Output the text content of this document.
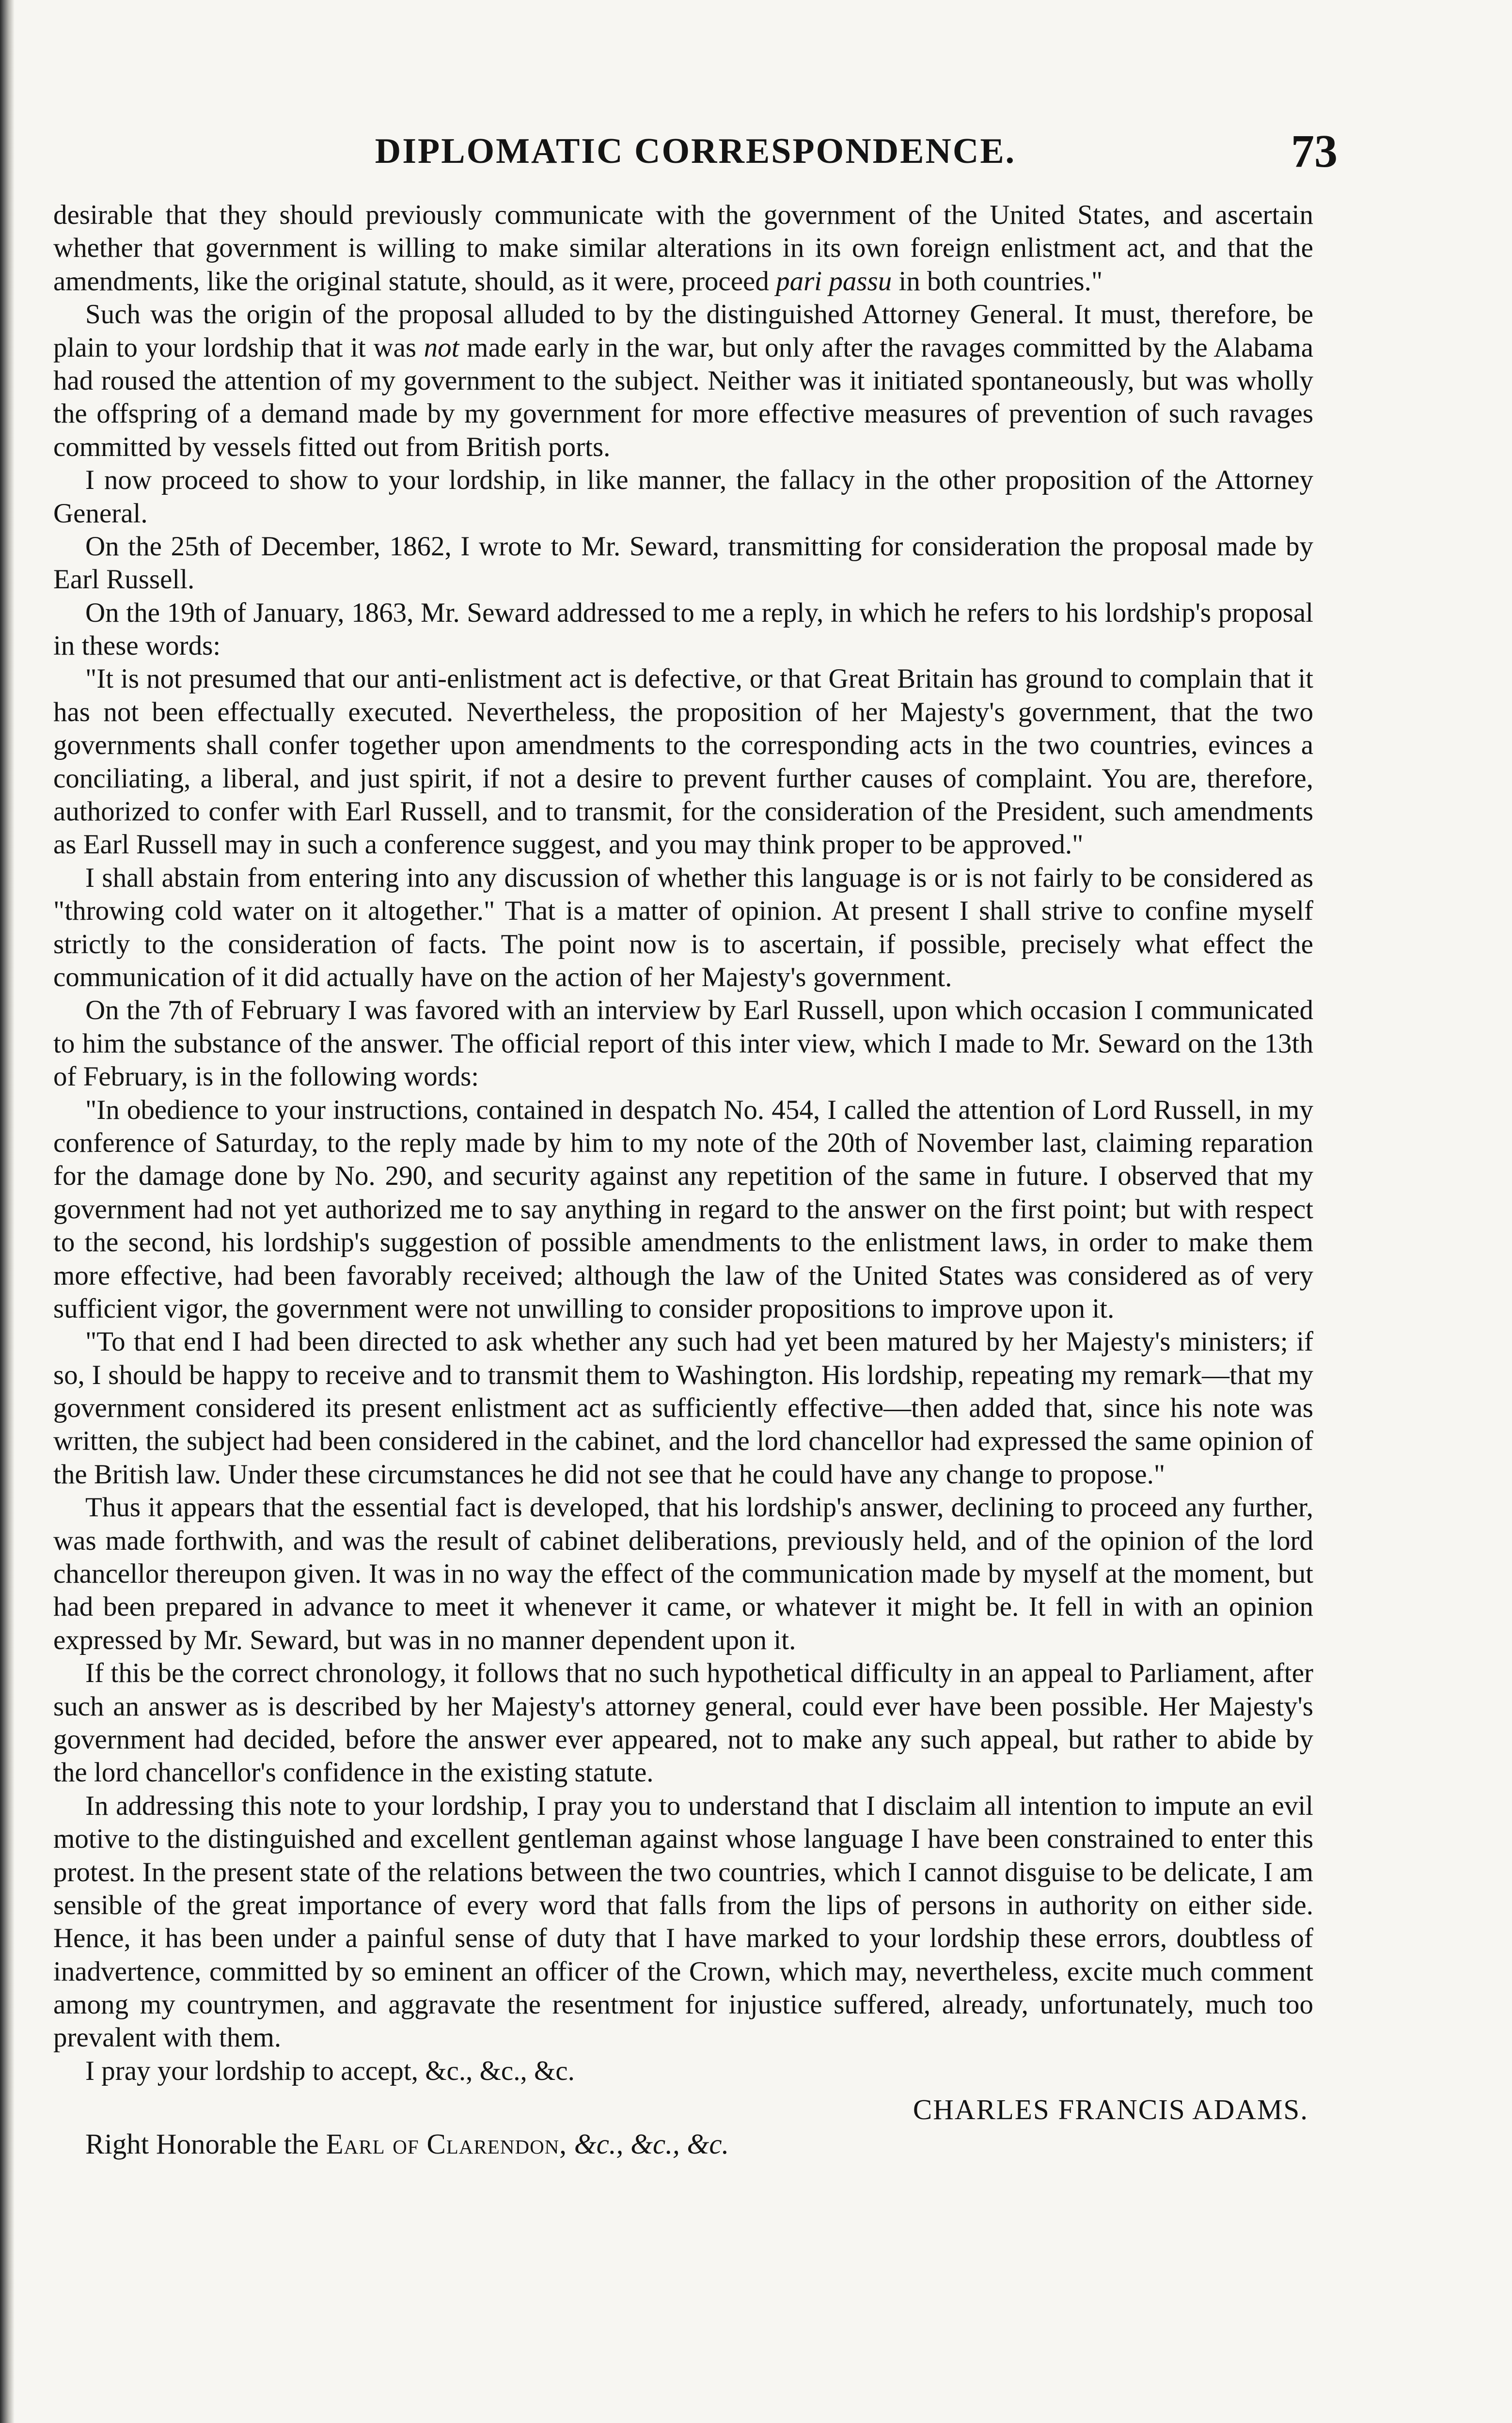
DIPLOMATIC CORRESPONDENCE.	73

desirable that they should previously communicate with the government of the United States, and ascertain whether that government is willing to make similar alterations in its own foreign enlistment act, and that the amendments, like the original statute, should, as it were, proceed pari passu in both countries."

Such was the origin of the proposal alluded to by the distinguished Attorney General. It must, therefore, be plain to your lordship that it was not made early in the war, but only after the ravages committed by the Alabama had roused the attention of my government to the subject. Neither was it initiated spontaneously, but was wholly the offspring of a demand made by my government for more effective measures of prevention of such ravages committed by vessels fitted out from British ports.

I now proceed to show to your lordship, in like manner, the fallacy in the other proposition of the Attorney General.

On the 25th of December, 1862, I wrote to Mr. Seward, transmitting for consideration the proposal made by Earl Russell.

On the 19th of January, 1863, Mr. Seward addressed to me a reply, in which he refers to his lordship's proposal in these words:

"It is not presumed that our anti-enlistment act is defective, or that Great Britain has ground to complain that it has not been effectually executed. Nevertheless, the proposition of her Majesty's government, that the two governments shall confer together upon amendments to the corresponding acts in the two countries, evinces a conciliating, a liberal, and just spirit, if not a desire to prevent further causes of complaint. You are, therefore, authorized to confer with Earl Russell, and to transmit, for the consideration of the President, such amendments as Earl Russell may in such a conference suggest, and you may think proper to be approved."

I shall abstain from entering into any discussion of whether this language is or is not fairly to be considered as "throwing cold water on it altogether." That is a matter of opinion. At present I shall strive to confine myself strictly to the consideration of facts. The point now is to ascertain, if possible, precisely what effect the communication of it did actually have on the action of her Majesty's government.

On the 7th of February I was favored with an interview by Earl Russell, upon which occasion I communicated to him the substance of the answer. The official report of this inter view, which I made to Mr. Seward on the 13th of February, is in the following words:

"In obedience to your instructions, contained in despatch No. 454, I called the attention of Lord Russell, in my conference of Saturday, to the reply made by him to my note of the 20th of November last, claiming reparation for the damage done by No. 290, and security against any repetition of the same in future. I observed that my government had not yet authorized me to say anything in regard to the answer on the first point; but with respect to the second, his lordship's suggestion of possible amendments to the enlistment laws, in order to make them more effective, had been favorably received; although the law of the United States was considered as of very sufficient vigor, the government were not unwilling to consider propositions to improve upon it.

"To that end I had been directed to ask whether any such had yet been matured by her Majesty's ministers; if so, I should be happy to receive and to transmit them to Washington. His lordship, repeating my remark—that my government considered its present enlistment act as sufficiently effective—then added that, since his note was written, the subject had been considered in the cabinet, and the lord chancellor had expressed the same opinion of the British law. Under these circumstances he did not see that he could have any change to propose."

Thus it appears that the essential fact is developed, that his lordship's answer, declining to proceed any further, was made forthwith, and was the result of cabinet deliberations, previously held, and of the opinion of the lord chancellor thereupon given. It was in no way the effect of the communication made by myself at the moment, but had been prepared in advance to meet it whenever it came, or whatever it might be. It fell in with an opinion expressed by Mr. Seward, but was in no manner dependent upon it.

If this be the correct chronology, it follows that no such hypothetical difficulty in an appeal to Parliament, after such an answer as is described by her Majesty's attorney general, could ever have been possible. Her Majesty's government had decided, before the answer ever appeared, not to make any such appeal, but rather to abide by the lord chancellor's confidence in the existing statute.

In addressing this note to your lordship, I pray you to understand that I disclaim all intention to impute an evil motive to the distinguished and excellent gentleman against whose language I have been constrained to enter this protest. In the present state of the relations between the two countries, which I cannot disguise to be delicate, I am sensible of the great importance of every word that falls from the lips of persons in authority on either side. Hence, it has been under a painful sense of duty that I have marked to your lordship these errors, doubtless of inadvertence, committed by so eminent an officer of the Crown, which may, nevertheless, excite much comment among my countrymen, and aggravate the resentment for injustice suffered, already, unfortunately, much too prevalent with them.

I pray your lordship to accept, &c., &c., &c.

CHARLES FRANCIS ADAMS.

Right Honorable the Earl of Clarendon, &c., &c., &c.
